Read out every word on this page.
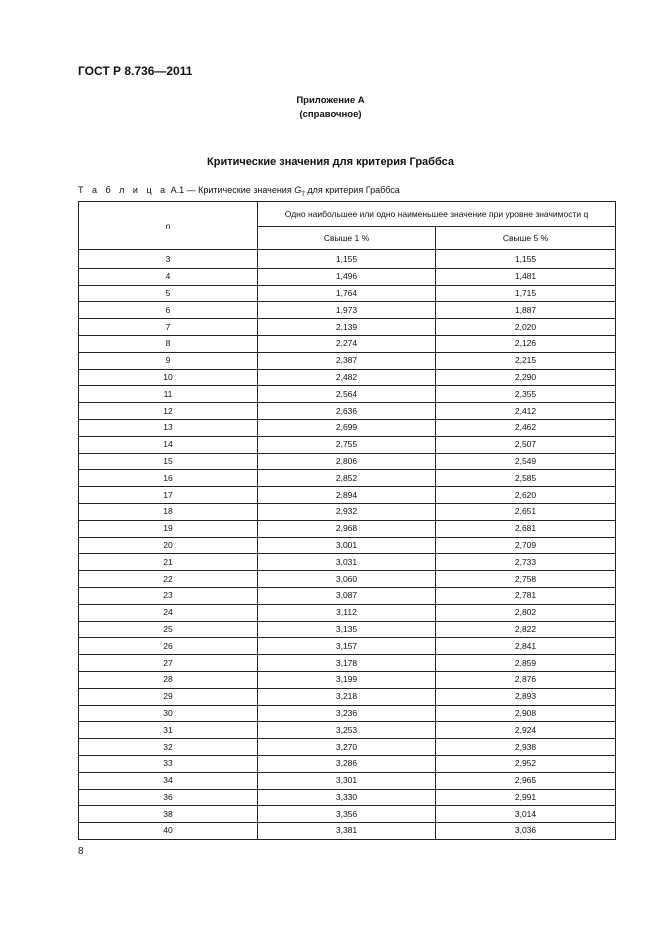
ГОСТ Р 8.736—2011
Приложение А
(справочное)
Критические значения для критерия Граббса
Т а б л и ц а А.1 — Критические значения $G_T$ для критерия Граббса
n	Одно наибольшее или одно наименьшее значение при уровне значимости q	
	Свыше 1 %	Свыше 5 %
3	1,155	1,155
4	1,496	1,481
5	1,764	1,715
6	1,973	1,887
7	2,139	2,020
8	2,274	2,126
9	2,387	2,215
10	2,482	2,290
11	2,564	2,355
12	2,636	2,412
13	2,699	2,462
14	2,755	2,507
15	2,806	2,549
16	2,852	2,585
17	2,894	2,620
18	2,932	2,651
19	2,968	2,681
20	3,001	2,709
21	3,031	2,733
22	3,060	2,758
23	3,087	2,781
24	3,112	2,802
25	3,135	2,822
26	3,157	2,841
27	3,178	2,859
28	3,199	2,876
29	3,218	2,893
30	3,236	2,908
31	3,253	2,924
32	3,270	2,938
33	3,286	2,952
34	3,301	2,965
36	3,330	2,991
38	3,356	3,014
40	3,381	3,036
8
